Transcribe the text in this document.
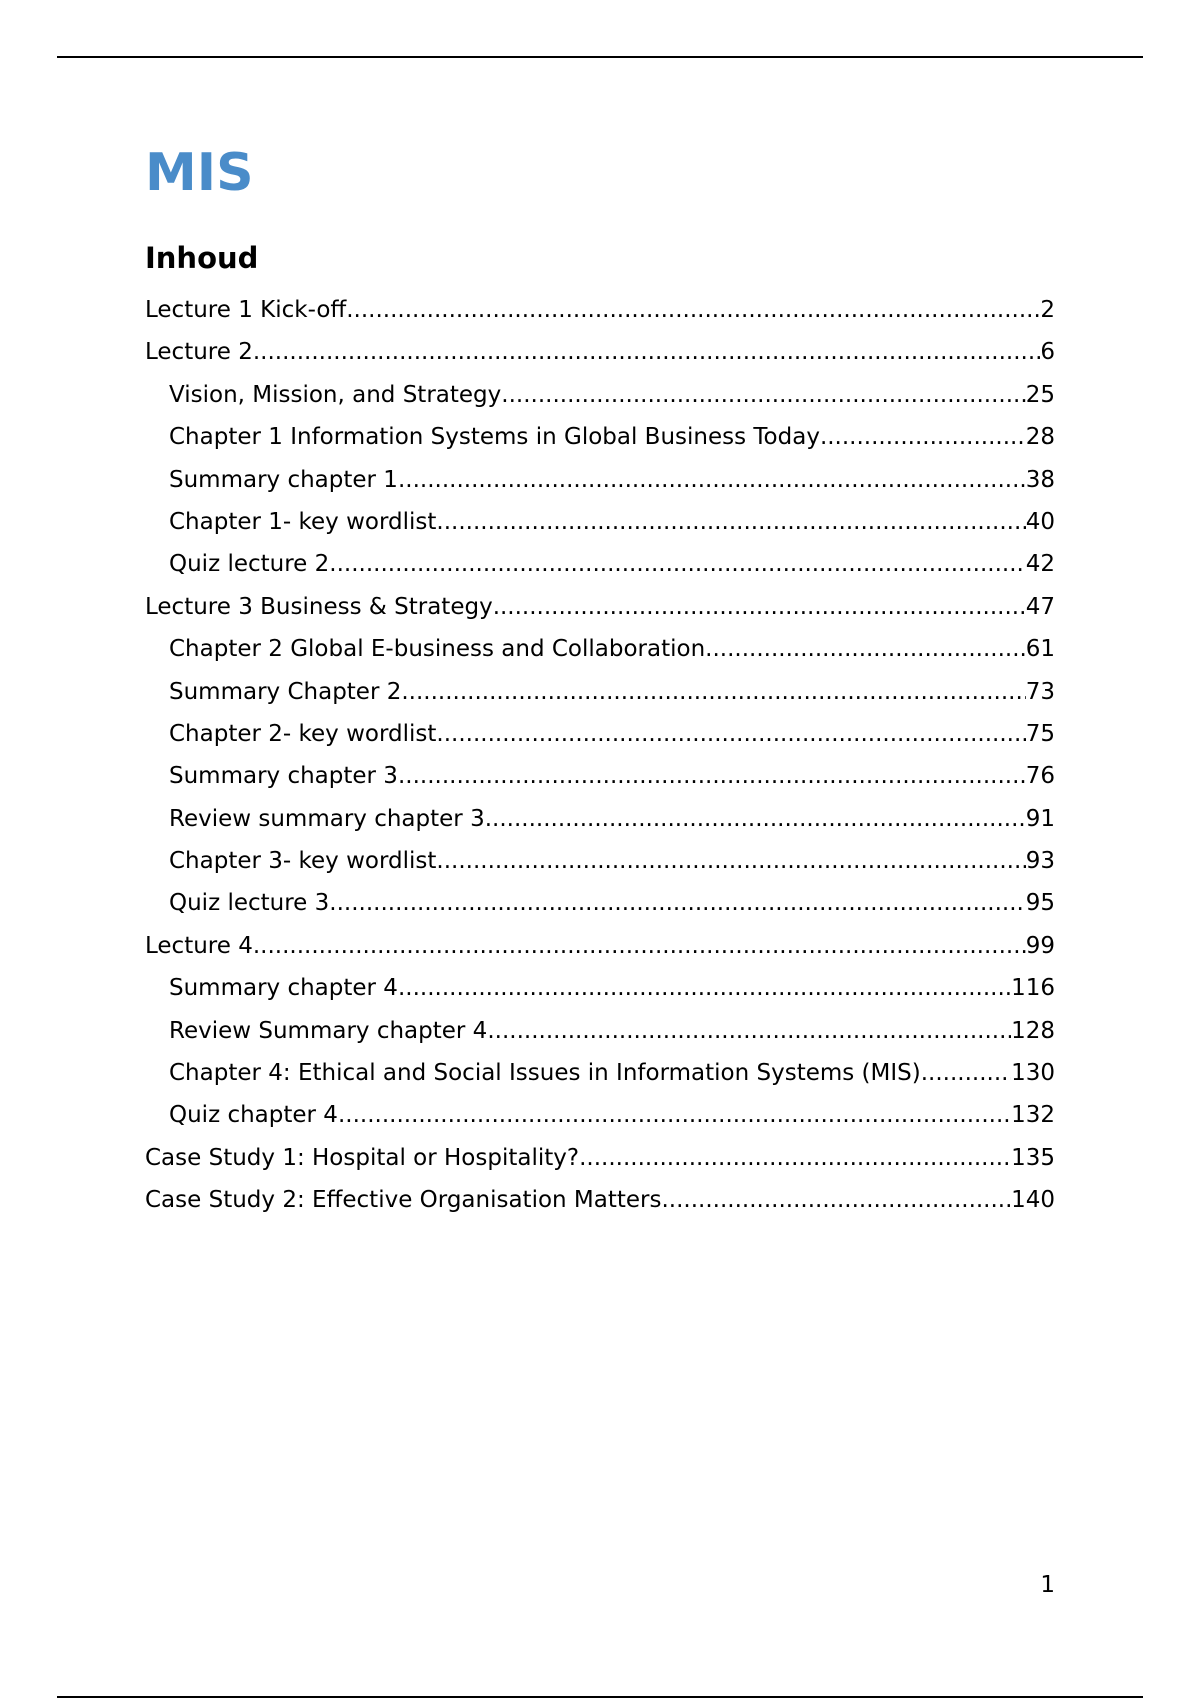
MIS
Inhoud
Lecture 1 Kick-off .....	2
Lecture 2 .....	6
Vision, Mission, and Strategy .....	25
Chapter 1 Information Systems in Global Business Today .....	28
Summary chapter 1 .....	38
Chapter 1- key wordlist .....	40
Quiz lecture 2 .....	42
Lecture 3 Business & Strategy .....	47
Chapter 2 Global E-business and Collaboration .....	61
Summary Chapter 2 .....	73
Chapter 2- key wordlist .....	75
Summary chapter 3 .....	76
Review summary chapter 3 .....	91
Chapter 3- key wordlist .....	93
Quiz lecture 3 .....	95
Lecture 4 .....	99
Summary chapter 4 .....	116
Review Summary chapter 4 .....	128
Chapter 4: Ethical and Social Issues in Information Systems (MIS) .....	130
Quiz chapter 4 .....	132
Case Study 1: Hospital or Hospitality? .....	135
Case Study 2: Effective Organisation Matters .....	140
1
